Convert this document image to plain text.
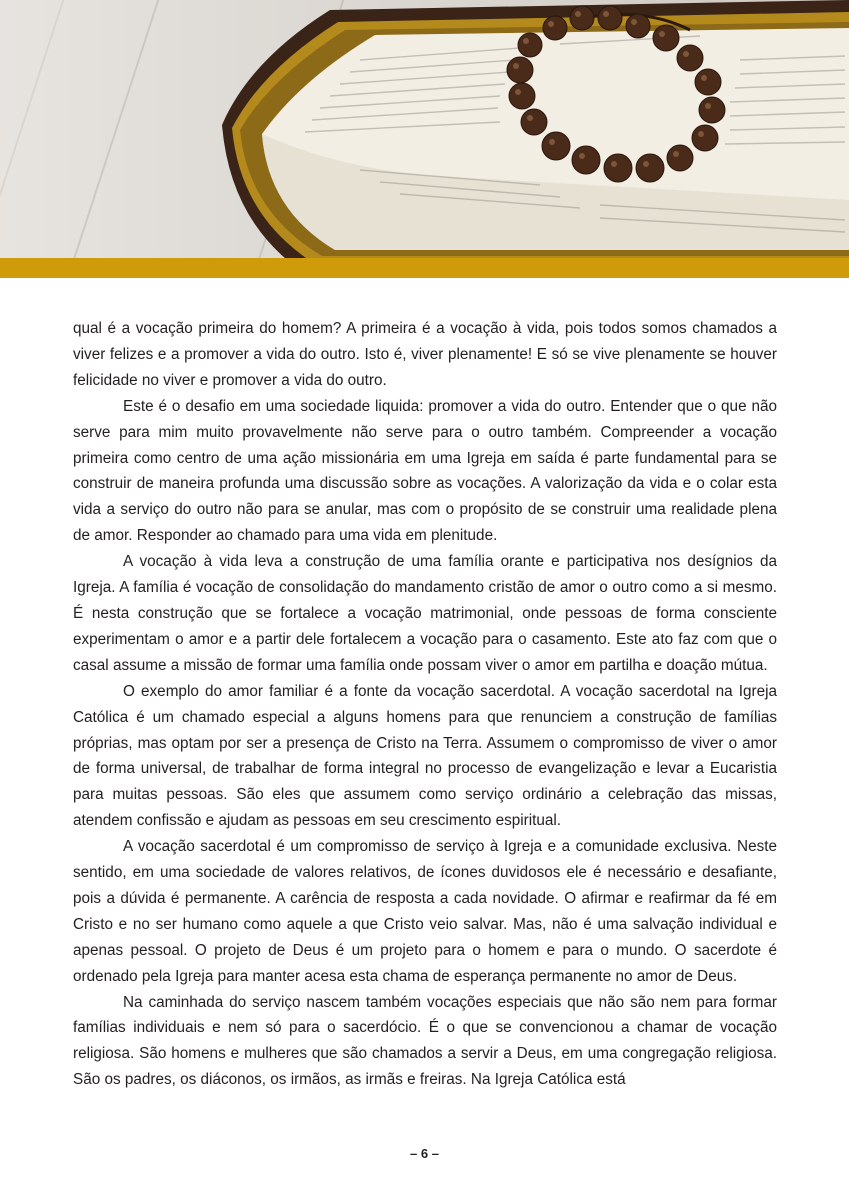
qual é a vocação primeira do homem? A primeira é a vocação à vida, pois todos somos chamados a viver felizes e a promover a vida do outro. Isto é, viver plenamente! E só se vive plenamente se houver felicidade no viver e promover a vida do outro.

Este é o desafio em uma sociedade liquida: promover a vida do outro. Entender que o que não serve para mim muito provavelmente não serve para o outro também. Compreender a vocação primeira como centro de uma ação missionária em uma Igreja em saída é parte fundamental para se construir de maneira profunda uma discussão sobre as vocações. A valorização da vida e o colar esta vida a serviço do outro não para se anular, mas com o propósito de se construir uma realidade plena de amor. Responder ao chamado para uma vida em plenitude.

A vocação à vida leva a construção de uma família orante e participativa nos desígnios da Igreja. A família é vocação de consolidação do mandamento cristão de amor o outro como a si mesmo. É nesta construção que se fortalece a vocação matrimonial, onde pessoas de forma consciente experimentam o amor e a partir dele fortalecem a vocação para o casamento. Este ato faz com que o casal assume a missão de formar uma família onde possam viver o amor em partilha e doação mútua.

O exemplo do amor familiar é a fonte da vocação sacerdotal. A vocação sacerdotal na Igreja Católica é um chamado especial a alguns homens para que renunciem a construção de famílias próprias, mas optam por ser a presença de Cristo na Terra. Assumem o compromisso de viver o amor de forma universal, de trabalhar de forma integral no processo de evangelização e levar a Eucaristia para muitas pessoas. São eles que assumem como serviço ordinário a celebração das missas, atendem confissão e ajudam as pessoas em seu crescimento espiritual.

A vocação sacerdotal é um compromisso de serviço à Igreja e a comunidade exclusiva. Neste sentido, em uma sociedade de valores relativos, de ícones duvidosos ele é necessário e desafiante, pois a dúvida é permanente. A carência de resposta a cada novidade. O afirmar e reafirmar da fé em Cristo e no ser humano como aquele a que Cristo veio salvar. Mas, não é uma salvação individual e apenas pessoal. O projeto de Deus é um projeto para o homem e para o mundo. O sacerdote é ordenado pela Igreja para manter acesa esta chama de esperança permanente no amor de Deus.

Na caminhada do serviço nascem também vocações especiais que não são nem para formar famílias individuais e nem só para o sacerdócio. É o que se convencionou a chamar de vocação religiosa. São homens e mulheres que são chamados a servir a Deus, em uma congregação religiosa. São os padres, os diáconos, os irmãos, as irmãs e freiras. Na Igreja Católica está

– 6 –
